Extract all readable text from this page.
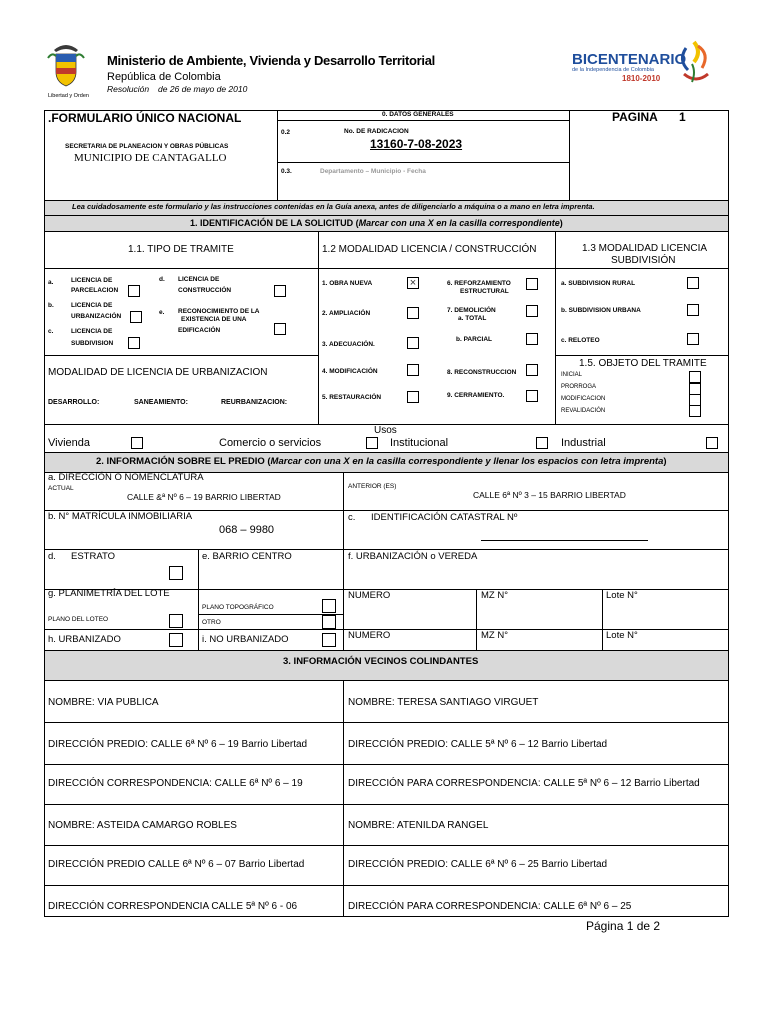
Libertad y Orden
Ministerio de Ambiente, Vivienda y Desarrollo Territorial
República de Colombia
Resolución de 26 de mayo de 2010
BICENTENARIO
de la Independencia de Colombia
1810-2010
.FORMULARIO ÚNICO NACIONAL
SECRETARIA DE PLANEACION Y OBRAS PÚBLICAS
MUNICIPIO DE CANTAGALLO
0. DATOS GENERALES
0.2	No. DE RADICACION
13160-7-08-2023
0.3.	Departamento – Municipio - Fecha
PAGINA 1
Lea cuidadosamente este formulario y las instrucciones contenidas en la Guía anexa, antes de diligenciarlo a máquina o a mano en letra imprenta.
1. IDENTIFICACIÓN DE LA SOLICITUD (Marcar con una X en la casilla correspondiente)
1.1. TIPO DE TRAMITE	1.2 MODALIDAD LICENCIA / CONSTRUCCIÓN	1.3 MODALIDAD LICENCIA
SUBDIVISIÓN
a.	LICENCIA DE
PARCELACION
b.	LICENCIA DE
URBANIZACIÓN
c.	LICENCIA DE
SUBDIVISION
d. LICENCIA DE
CONSTRUCCIÓN
e. RECONOCIMIENTO DE LA
EXISTENCIA DE UNA
EDIFICACIÓN
1. OBRA NUEVA	×
2. AMPLIACIÓN
3. ADECUACIÓN.
4. MODIFICACIÓN
5. RESTAURACIÓN
6. REFORZAMIENTO
ESTRUCTURAL
7. DEMOLICIÓN
a. TOTAL
b. PARCIAL
8. RECONSTRUCCION
9. CERRAMIENTO.
a. SUBDIVISION RURAL
b. SUBDIVISION URBANA
c. RELOTEO
MODALIDAD DE LICENCIA DE URBANIZACION
DESARROLLO:	SANEAMIENTO:	REURBANIZACION:
1.5. OBJETO DEL TRAMITE
INICIAL
PRORROGA
MODIFICACION
REVALIDACIÓN
Usos
Vivienda	Comercio o servicios	Institucional	Industrial
2. INFORMACIÓN SOBRE EL PREDIO (Marcar con una X en la casilla correspondiente y llenar los espacios con letra imprenta)
a. DIRECCIÓN O NOMENCLATURA
ACTUAL
CALLE &ª Nº 6 – 19 BARRIO LIBERTAD
ANTERIOR (ES)
CALLE 6ª Nº 3 – 15 BARRIO LIBERTAD
b. N° MATRÍCULA INMOBILIARIA
068 – 9980
c. IDENTIFICACIÓN CATASTRAL Nº
d. ESTRATO	e. BARRIO CENTRO	f. URBANIZACIÓN o VEREDA
g. PLANIMETRÍA DEL LOTE
PLANO DEL LOTEO
PLANO TOPOGRÁFICO
OTRO
NUMERO	MZ N°	Lote N°
h. URBANIZADO	i. NO URBANIZADO	NUMERO	MZ N°	Lote N°
3. INFORMACIÓN VECINOS COLINDANTES
NOMBRE: VIA PUBLICA	NOMBRE: TERESA SANTIAGO VIRGUET
DIRECCIÓN PREDIO: CALLE 6ª Nº 6 – 19 Barrio Libertad	DIRECCIÓN PREDIO: CALLE 5ª Nº 6 – 12 Barrio Libertad
DIRECCIÓN CORRESPONDENCIA: CALLE 6ª Nº 6 – 19	DIRECCIÓN PARA CORRESPONDENCIA: CALLE 5ª Nº 6 – 12 Barrio Libertad
NOMBRE: ASTEIDA CAMARGO ROBLES	NOMBRE: ATENILDA RANGEL
DIRECCIÓN PREDIO CALLE 6ª Nº 6 – 07 Barrio Libertad	DIRECCIÓN PREDIO: CALLE 6ª Nº 6 – 25 Barrio Libertad
DIRECCIÓN CORRESPONDENCIA CALLE 5ª Nº 6 - 06	DIRECCIÓN PARA CORRESPONDENCIA: CALLE 6ª Nº 6 – 25
Página 1 de 2
